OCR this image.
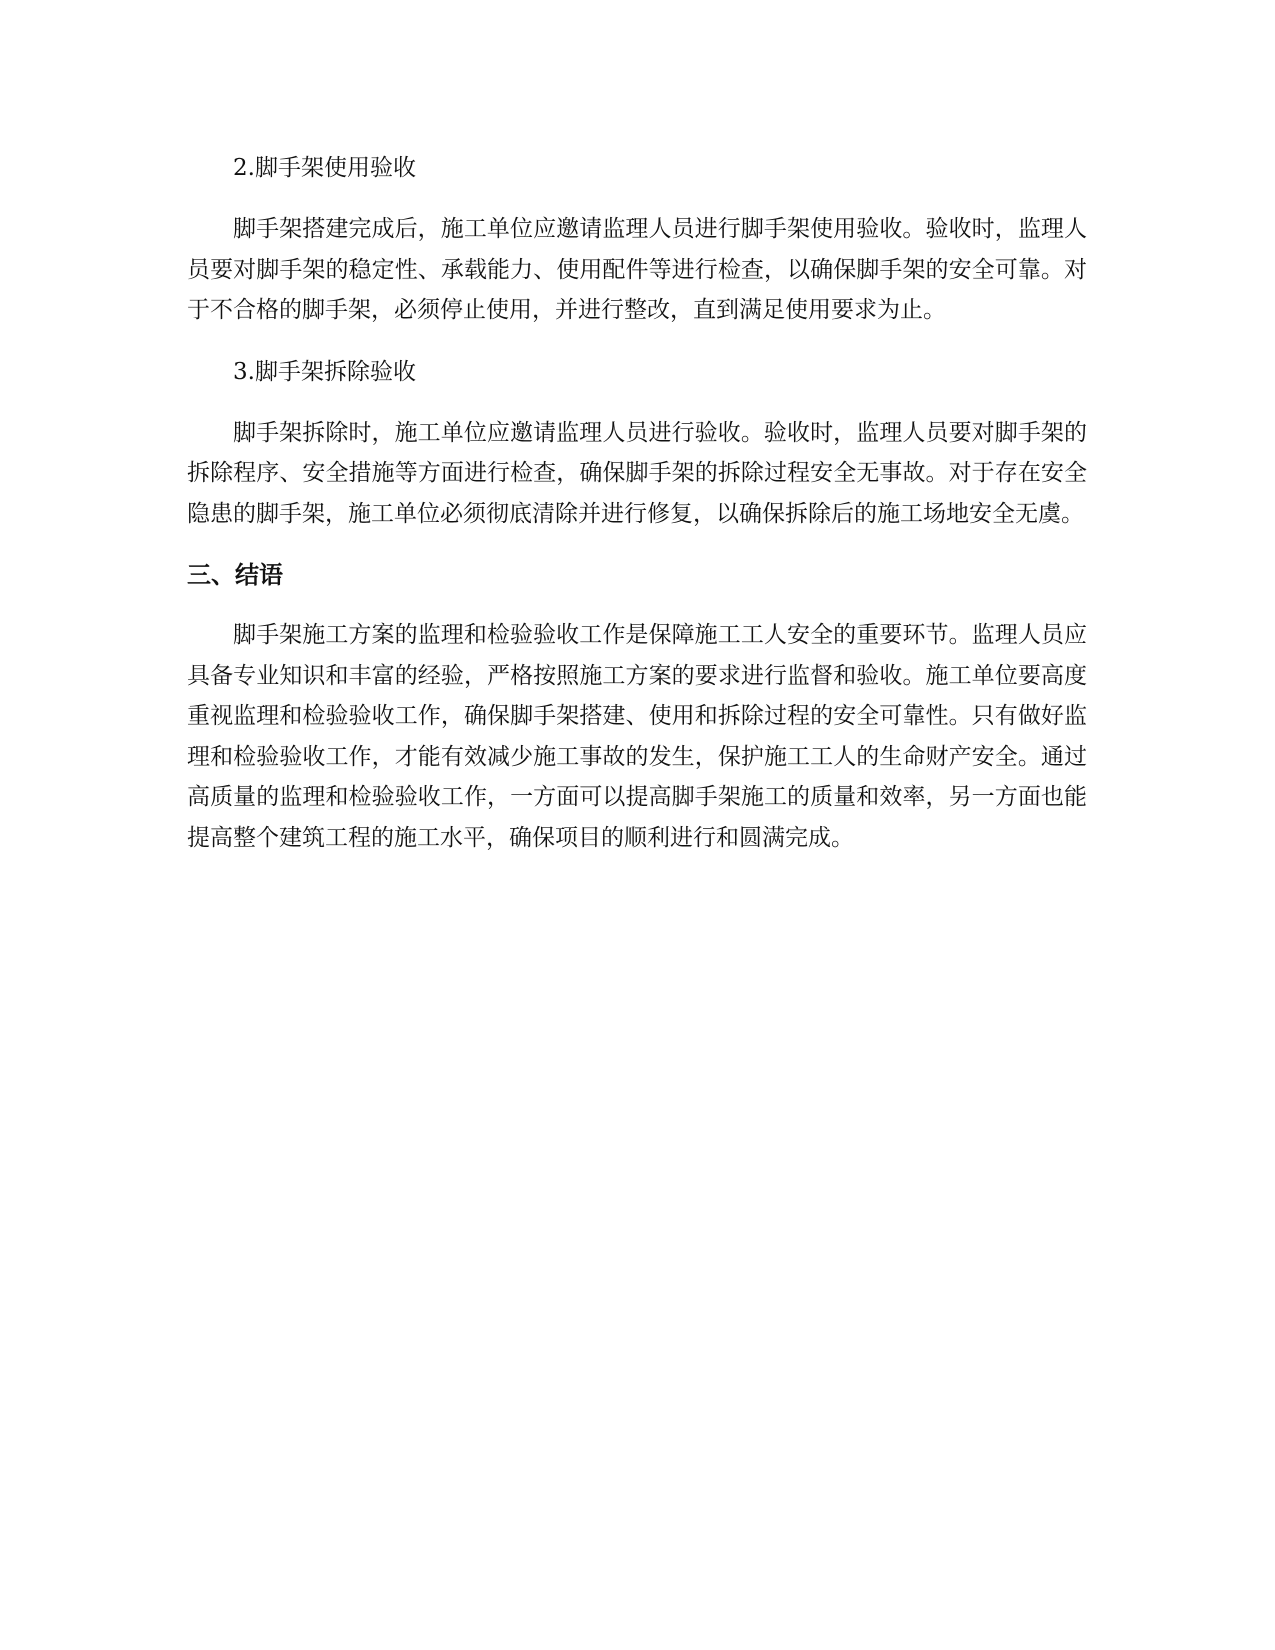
2.脚手架使用验收

脚手架搭建完成后，施工单位应邀请监理人员进行脚手架使用验收。验收时，监理人员要对脚手架的稳定性、承载能力、使用配件等进行检查，以确保脚手架的安全可靠。对于不合格的脚手架，必须停止使用，并进行整改，直到满足使用要求为止。

3.脚手架拆除验收

脚手架拆除时，施工单位应邀请监理人员进行验收。验收时，监理人员要对脚手架的拆除程序、安全措施等方面进行检查，确保脚手架的拆除过程安全无事故。对于存在安全隐患的脚手架，施工单位必须彻底清除并进行修复，以确保拆除后的施工场地安全无虞。

三、结语

脚手架施工方案的监理和检验验收工作是保障施工工人安全的重要环节。监理人员应具备专业知识和丰富的经验，严格按照施工方案的要求进行监督和验收。施工单位要高度重视监理和检验验收工作，确保脚手架搭建、使用和拆除过程的安全可靠性。只有做好监理和检验验收工作，才能有效减少施工事故的发生，保护施工工人的生命财产安全。通过高质量的监理和检验验收工作，一方面可以提高脚手架施工的质量和效率，另一方面也能提高整个建筑工程的施工水平，确保项目的顺利进行和圆满完成。
